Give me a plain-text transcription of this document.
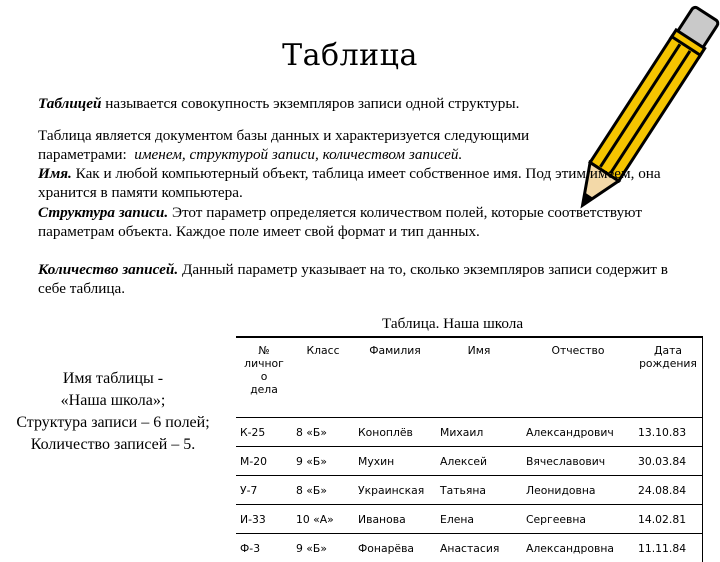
Таблица
Таблицей называется совокупность экземпляров записи одной структуры.
Таблица является документом базы данных и характеризуется следующими
параметрами:  именем, структурой записи, количеством записей.
Имя. Как и любой компьютерный объект, таблица имеет собственное имя. Под этим имеем, она хранится в памяти компьютера.
Структура записи. Этот параметр определяется количеством полей, которые соответствуют параметрам объекта. Каждое поле имеет свой формат и тип данных.
Количество записей. Данный параметр указывает на то, сколько экземпляров записи содержит в себе таблица.
Таблица. Наша школа
Имя таблицы -
«Наша школа»;
Структура записи – 6 полей;
Количество записей – 5.
№
личног
о
дела	Класс	Фамилия	Имя	Отчество	Дата
рождения
К-25	8 «Б»	Коноплёв	Михаил	Александрович	13.10.83
М-20	9 «Б»	Мухин	Алексей	Вячеславович	30.03.84
У-7	8 «Б»	Украинская	Татьяна	Леонидовна	24.08.84
И-33	10 «А»	Иванова	Елена	Сергеевна	14.02.81
Ф-3	9 «Б»	Фонарёва	Анастасия	Александровна	11.11.84
